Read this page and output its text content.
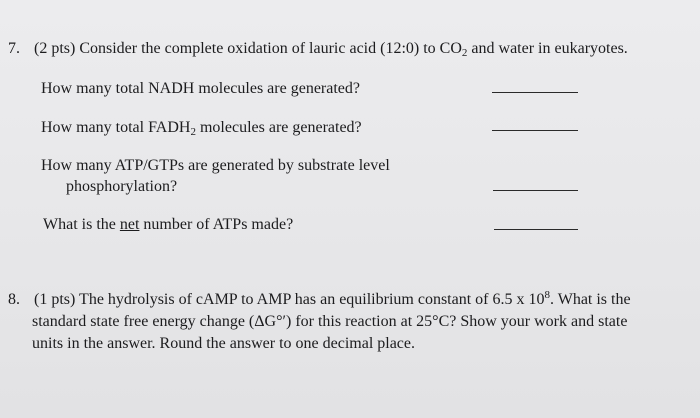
7. (2 pts) Consider the complete oxidation of lauric acid (12:0) to $CO_2$ and water in eukaryotes.
How many total NADH molecules are generated?
How many total $FADH_2$ molecules are generated?
How many ATP/GTPs are generated by substrate level
phosphorylation?
What is the net number of ATPs made?
8. (1 pts) The hydrolysis of cAMP to AMP has an equilibrium constant of 6.5 x $10^8$. What is the
standard state free energy change (ΔG°′) for this reaction at 25°C? Show your work and state
units in the answer. Round the answer to one decimal place.
